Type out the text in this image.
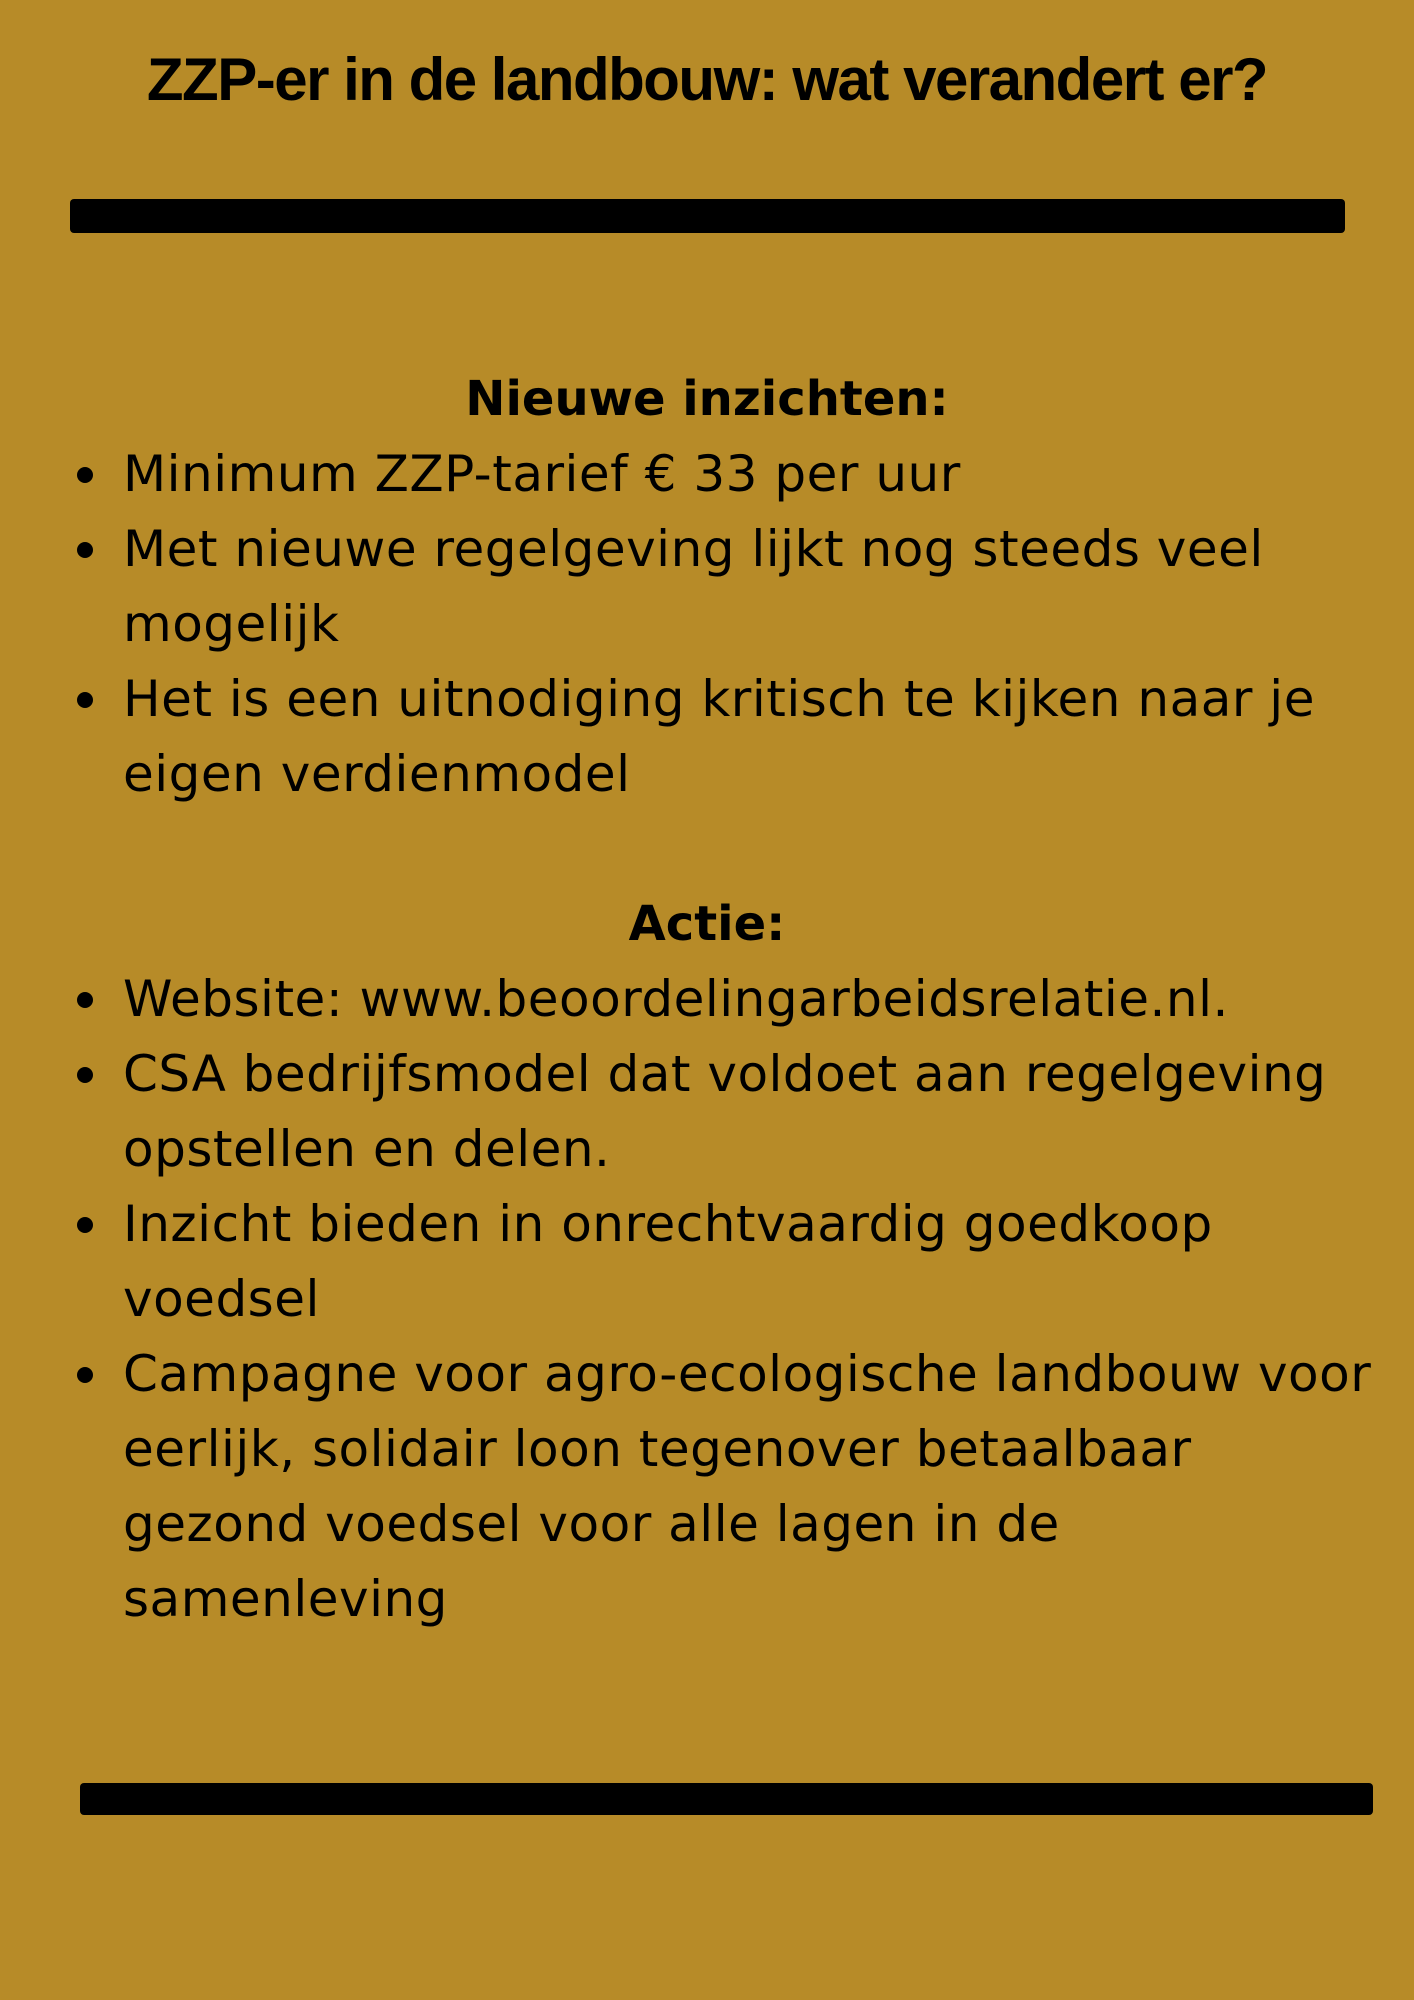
ZZP-er in de landbouw: wat verandert er?
Nieuwe inzichten:
Minimum ZZP-tarief € 33 per uur
Met nieuwe regelgeving lijkt nog steeds veel mogelijk
Het is een uitnodiging kritisch te kijken naar je eigen verdienmodel
Actie:
Website: www.beoordelingarbeidsrelatie.nl.
CSA bedrijfsmodel dat voldoet aan regelgeving opstellen en delen.
Inzicht bieden in onrechtvaardig goedkoop voedsel
Campagne voor agro-ecologische landbouw voor eerlijk, solidair loon tegenover betaalbaar gezond voedsel voor alle lagen in de samenleving
